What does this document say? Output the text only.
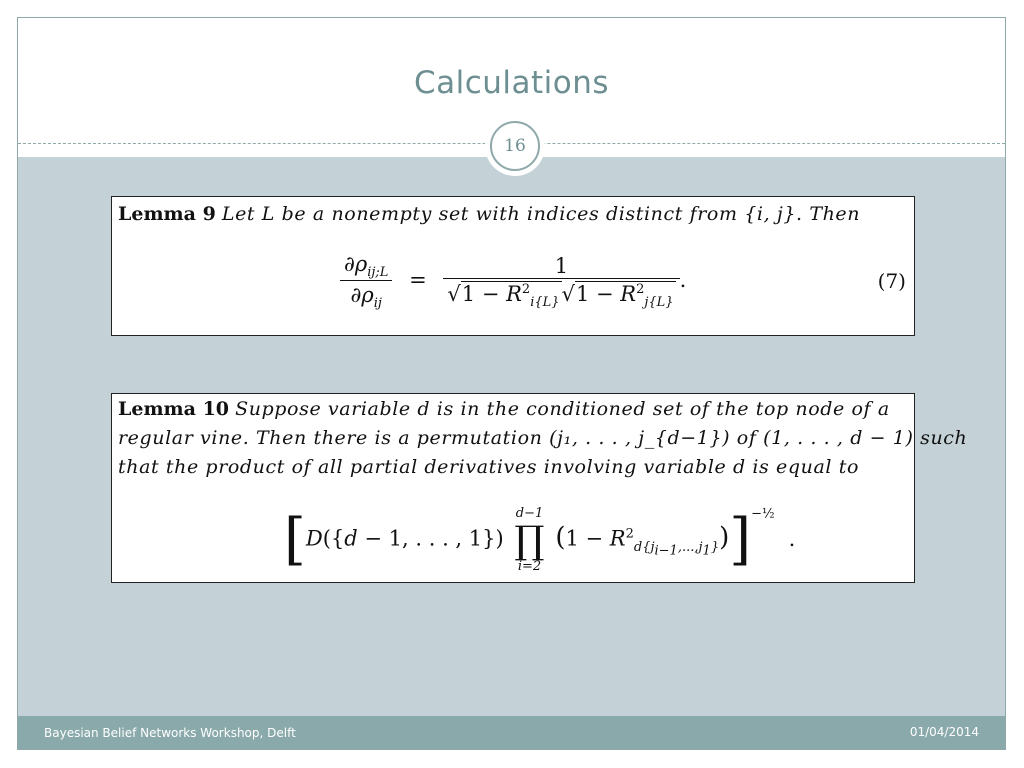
Calculations
16
Lemma 9 Let L be a nonempty set with indices distinct from {i, j}. Then
$\frac{\partial\rho_{ij;L}}{\partial\rho_{ij}} = \frac{1}{√1 - R^2_{i\{L\}}√1 - R^2_{j\{L\}}}$ .	(7)
Lemma 10 Suppose variable d is in the conditioned set of the top node of a
regular vine. Then there is a permutation (j₁, . . . , j_{d−1}) of (1, . . . , d − 1) such
that the product of all partial derivatives involving variable d is equal to
[D({d − 1, . . . , 1})
d−1
∏
i=2
$(1 - R^2_{d\{j_{i-1},...,j_1\}})]^{-\frac{1}{2}}$.
Bayesian Belief Networks Workshop, Delft	01/04/2014
